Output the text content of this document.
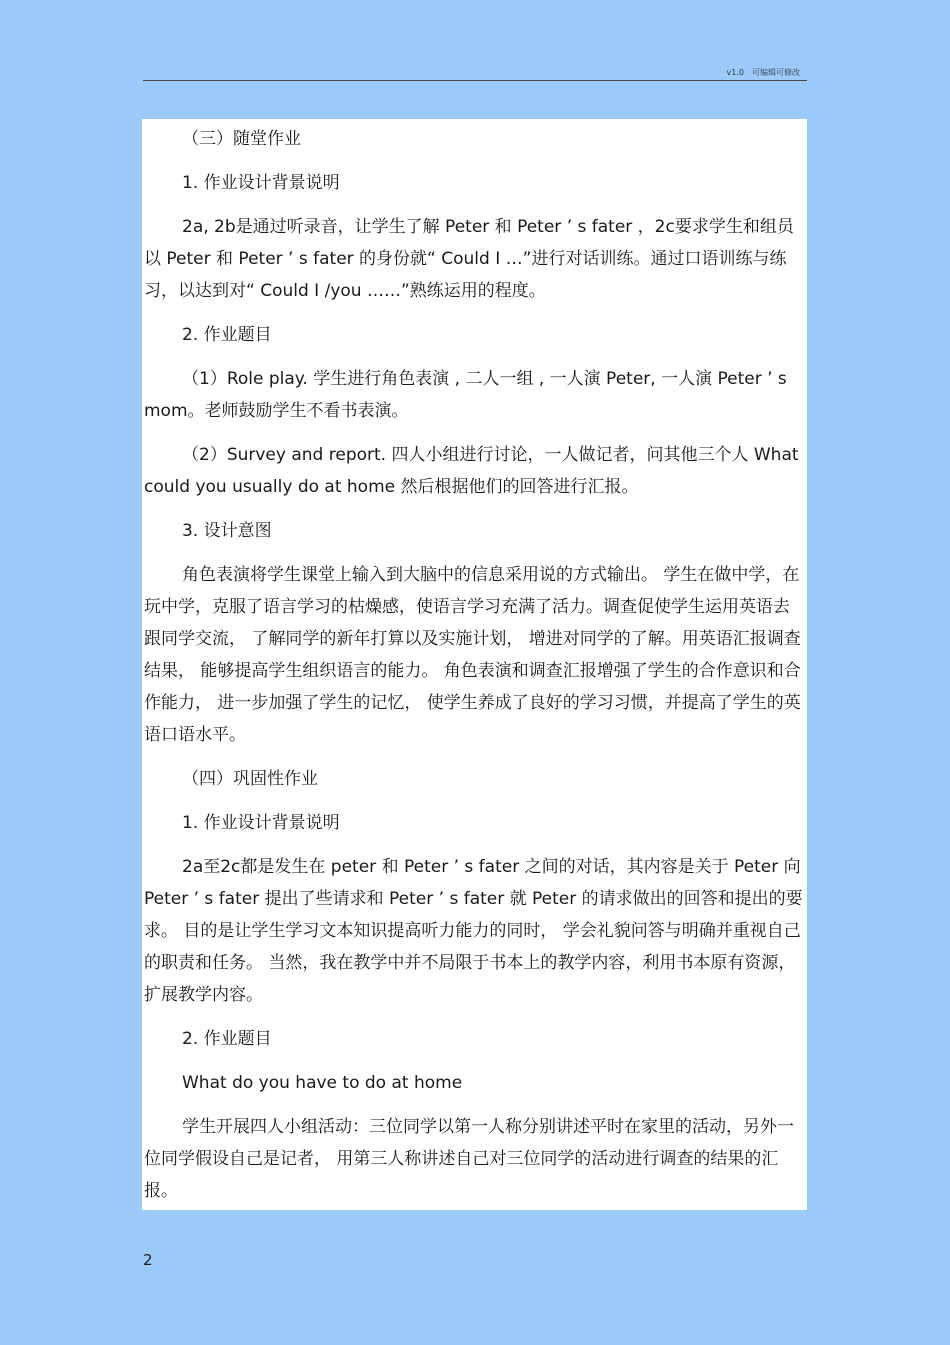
v1.0　可编辑可修改

（三）随堂作业

1. 作业设计背景说明

2a, 2b是通过听录音，让学生了解 Peter 和 Peter ’ s fater ，2c要求学生和组员以 Peter 和 Peter ’ s fater 的身份就“ Could I …”进行对话训练。通过口语训练与练习，以达到对“ Could I /you ……”熟练运用的程度。

2. 作业题目

（1）Role play. 学生进行角色表演 , 二人一组 , 一人演 Peter, 一人演 Peter ’ s mom。老师鼓励学生不看书表演。

（2）Survey and report. 四人小组进行讨论，一人做记者，问其他三个人 What could you usually do at home 然后根据他们的回答进行汇报。

3. 设计意图

角色表演将学生课堂上输入到大脑中的信息采用说的方式输出。 学生在做中学，在玩中学，克服了语言学习的枯燥感，使语言学习充满了活力。调查促使学生运用英语去跟同学交流， 了解同学的新年打算以及实施计划， 增进对同学的了解。用英语汇报调查结果， 能够提高学生组织语言的能力。 角色表演和调查汇报增强了学生的合作意识和合作能力， 进一步加强了学生的记忆， 使学生养成了良好的学习习惯，并提高了学生的英语口语水平。

（四）巩固性作业

1. 作业设计背景说明

2a至2c都是发生在 peter 和 Peter ’ s fater 之间的对话，其内容是关于 Peter 向 Peter ’ s fater 提出了些请求和 Peter ’ s fater 就 Peter 的请求做出的回答和提出的要求。 目的是让学生学习文本知识提高听力能力的同时， 学会礼貌问答与明确并重视自己的职责和任务。 当然，我在教学中并不局限于书本上的教学内容，利用书本原有资源，扩展教学内容。

2. 作业题目

What do you have to do at home

学生开展四人小组活动：三位同学以第一人称分别讲述平时在家里的活动，另外一位同学假设自己是记者， 用第三人称讲述自己对三位同学的活动进行调查的结果的汇报。

2
